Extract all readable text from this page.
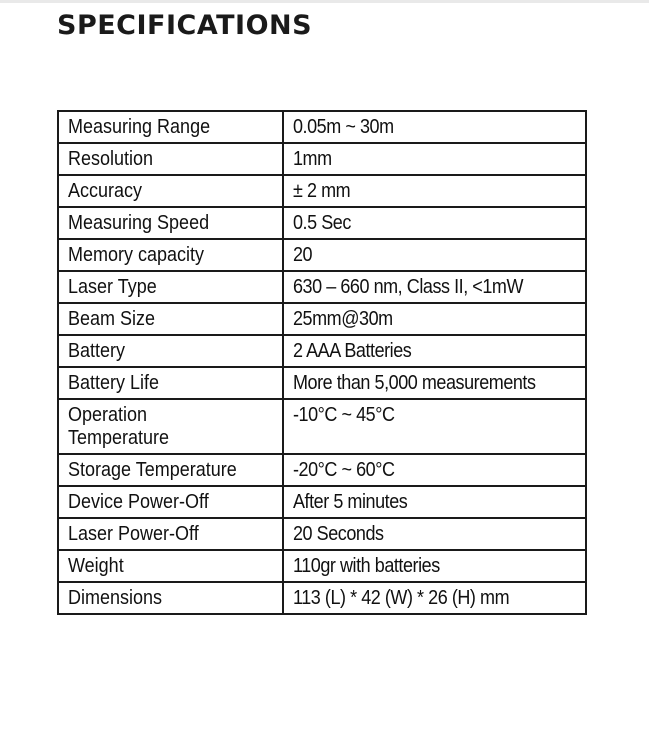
SPECIFICATIONS
Measuring Range	0.05m ~ 30m
Resolution	1mm
Accuracy	± 2 mm
Measuring Speed	0.5 Sec
Memory capacity	20
Laser Type	630 – 660 nm, Class II, <1mW
Beam Size	25mm@30m
Battery	2 AAA Batteries
Battery Life	More than 5,000 measurements
Operation Temperature	-10°C ~ 45°C
Storage Temperature	-20°C ~ 60°C
Device Power-Off	After 5 minutes
Laser Power-Off	20 Seconds
Weight	110gr with batteries
Dimensions	113 (L) * 42 (W) * 26 (H) mm
